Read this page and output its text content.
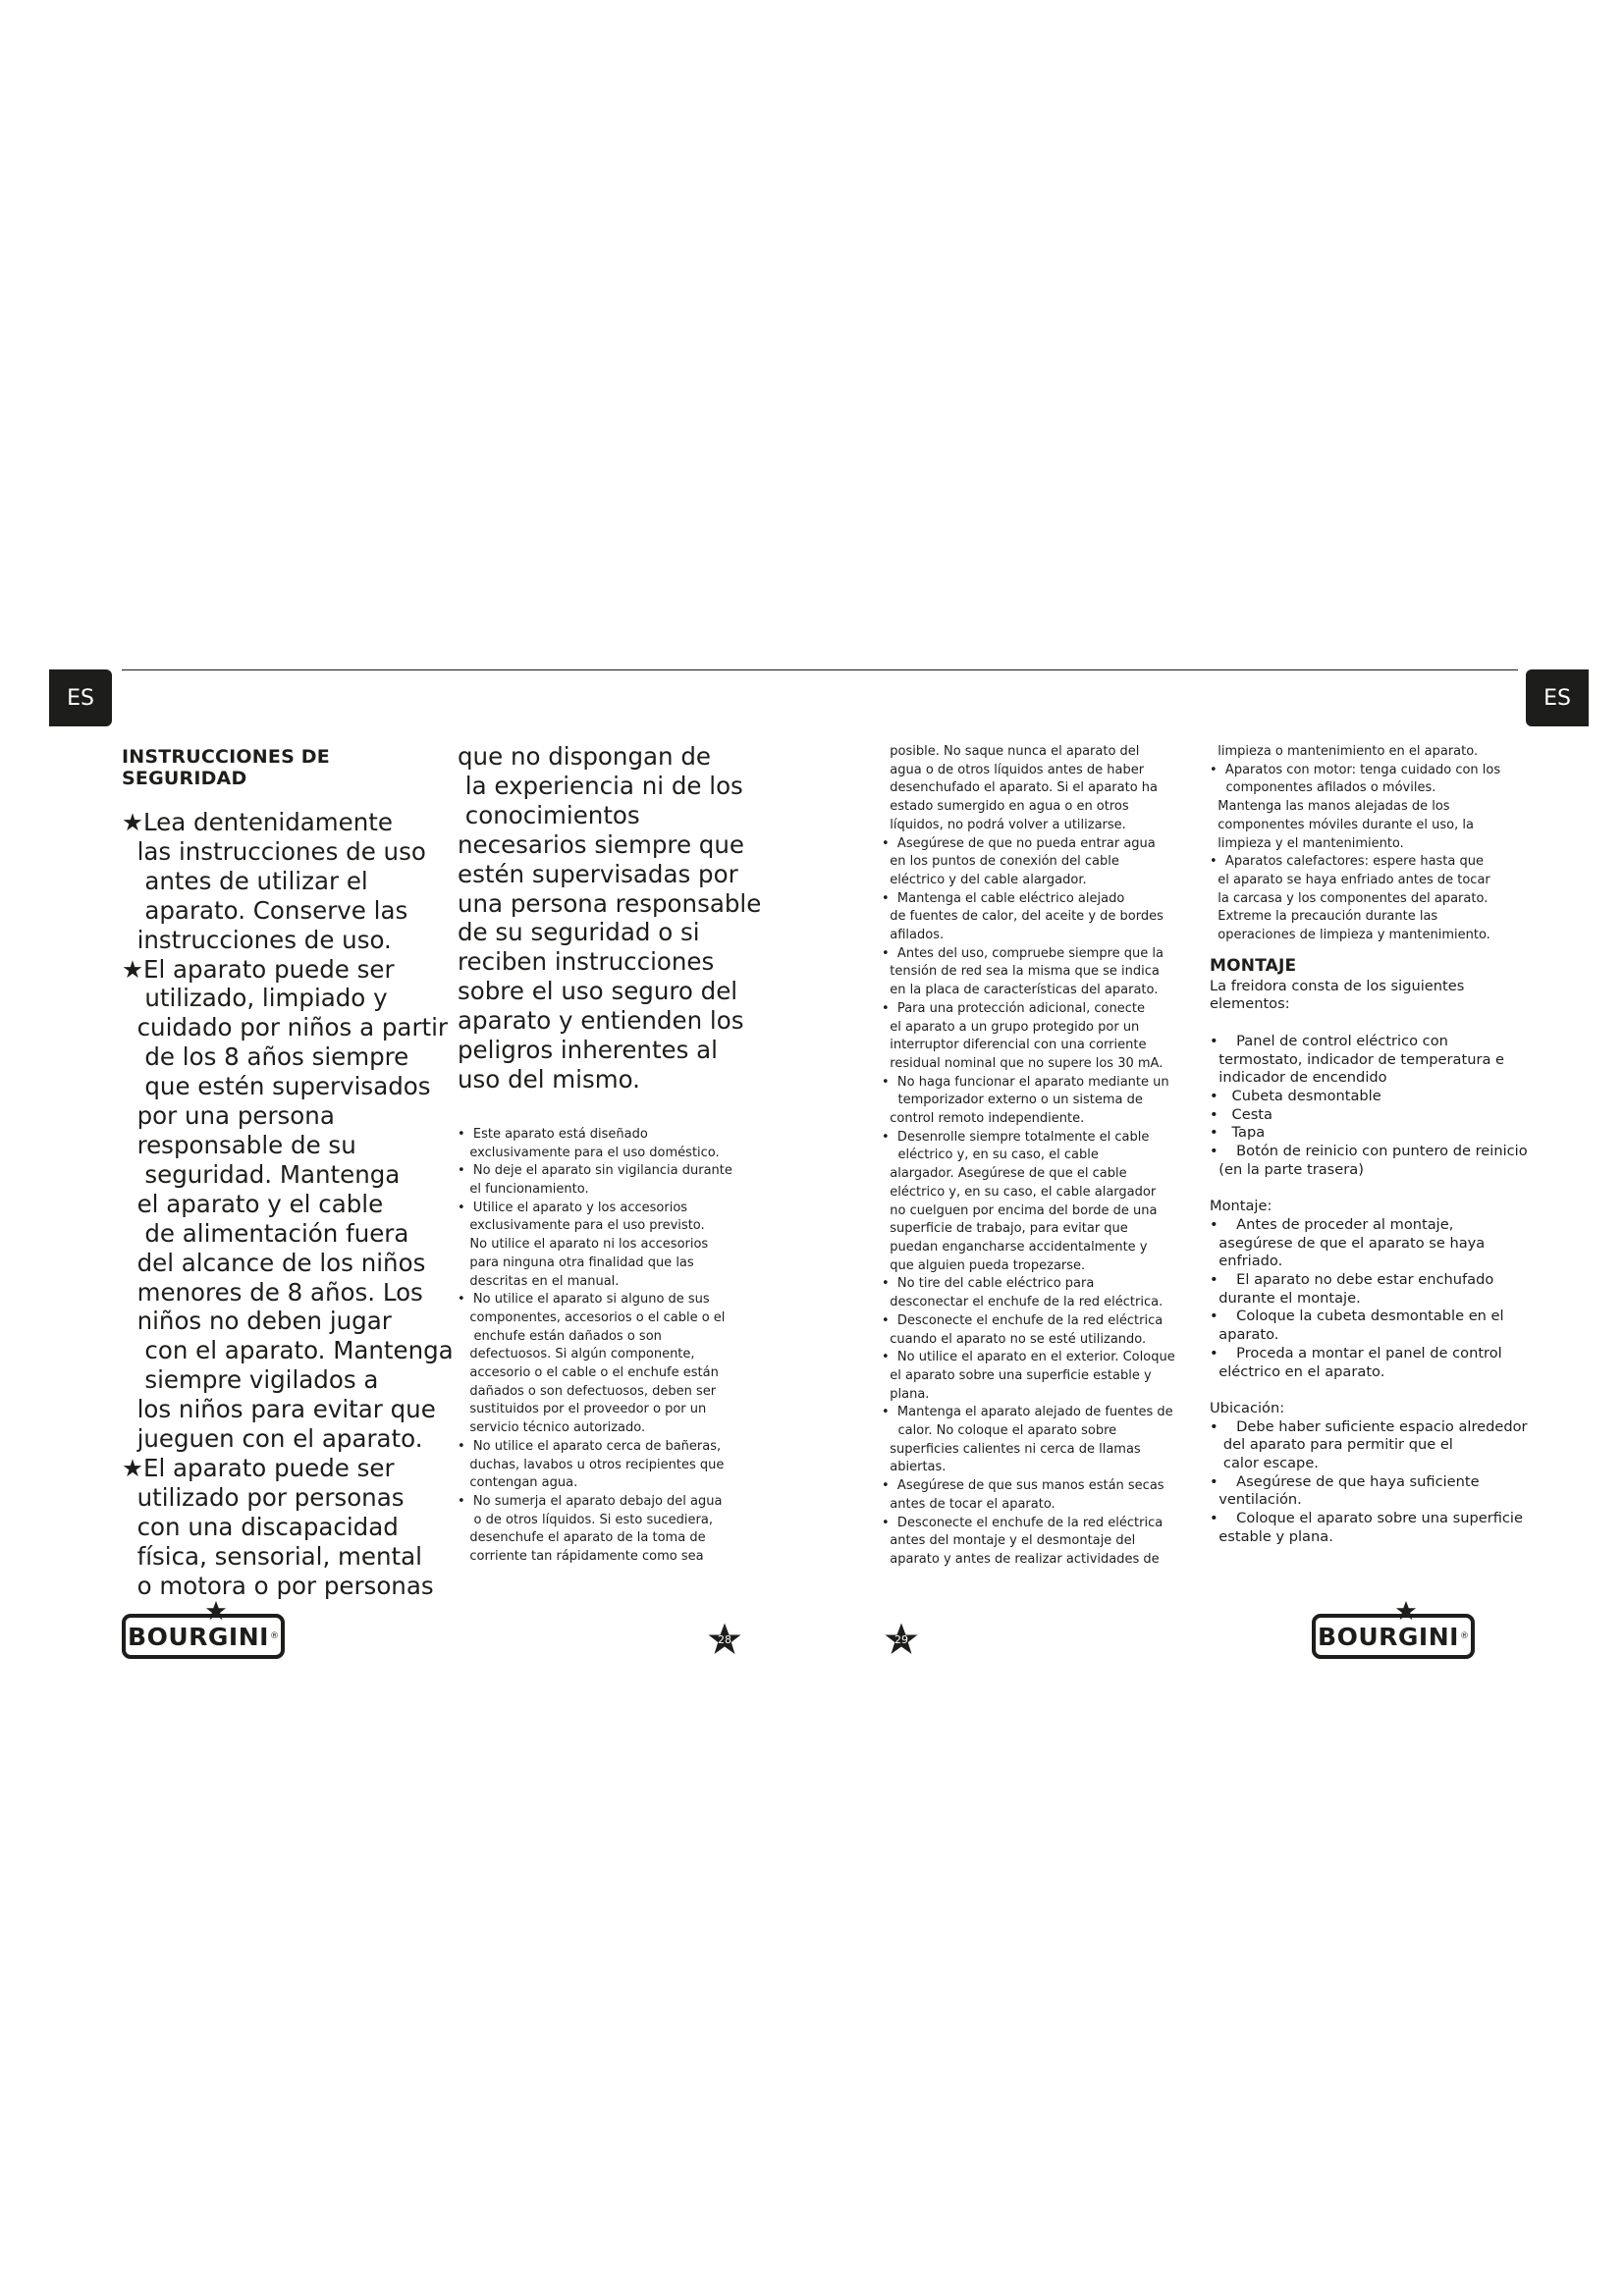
ES	ES
INSTRUCCIONES DE SEGURIDAD
★Lea dentenidamente
las instrucciones de uso
antes de utilizar el
aparato. Conserve las
instrucciones de uso.
★El aparato puede ser
utilizado, limpiado y
cuidado por niños a partir
de los 8 años siempre
que estén supervisados
por una persona
responsable de su
seguridad. Mantenga
el aparato y el cable
de alimentación fuera
del alcance de los niños
menores de 8 años. Los
niños no deben jugar
con el aparato. Mantenga
siempre vigilados a
los niños para evitar que
jueguen con el aparato.
★El aparato puede ser
utilizado por personas
con una discapacidad
física, sensorial, mental
o motora o por personas
que no dispongan de
la experiencia ni de los
conocimientos
necesarios siempre que
estén supervisadas por
una persona responsable
de su seguridad o si
reciben instrucciones
sobre el uso seguro del
aparato y entienden los
peligros inherentes al
uso del mismo.
•  Este aparato está diseñado
exclusivamente para el uso doméstico.
•  No deje el aparato sin vigilancia durante
el funcionamiento.
•  Utilice el aparato y los accesorios
exclusivamente para el uso previsto.
No utilice el aparato ni los accesorios
para ninguna otra finalidad que las
descritas en el manual.
•  No utilice el aparato si alguno de sus
componentes, accesorios o el cable o el
enchufe están dañados o son
defectuosos. Si algún componente,
accesorio o el cable o el enchufe están
dañados o son defectuosos, deben ser
sustituidos por el proveedor o por un
servicio técnico autorizado.
•  No utilice el aparato cerca de bañeras,
duchas, lavabos u otros recipientes que
contengan agua.
•  No sumerja el aparato debajo del agua
o de otros líquidos. Si esto sucediera,
desenchufe el aparato de la toma de
corriente tan rápidamente como sea
posible. No saque nunca el aparato del
agua o de otros líquidos antes de haber
desenchufado el aparato. Si el aparato ha
estado sumergido en agua o en otros
líquidos, no podrá volver a utilizarse.
•  Asegúrese de que no pueda entrar agua
en los puntos de conexión del cable
eléctrico y del cable alargador.
•  Mantenga el cable eléctrico alejado
de fuentes de calor, del aceite y de bordes
afilados.
•  Antes del uso, compruebe siempre que la
tensión de red sea la misma que se indica
en la placa de características del aparato.
•  Para una protección adicional, conecte
el aparato a un grupo protegido por un
interruptor diferencial con una corriente
residual nominal que no supere los 30 mA.
•  No haga funcionar el aparato mediante un
temporizador externo o un sistema de
control remoto independiente.
•  Desenrolle siempre totalmente el cable
eléctrico y, en su caso, el cable
alargador. Asegúrese de que el cable
eléctrico y, en su caso, el cable alargador
no cuelguen por encima del borde de una
superficie de trabajo, para evitar que
puedan engancharse accidentalmente y
que alguien pueda tropezarse.
•  No tire del cable eléctrico para
desconectar el enchufe de la red eléctrica.
•  Desconecte el enchufe de la red eléctrica
cuando el aparato no se esté utilizando.
•  No utilice el aparato en el exterior. Coloque
el aparato sobre una superficie estable y
plana.
•  Mantenga el aparato alejado de fuentes de
calor. No coloque el aparato sobre
superficies calientes ni cerca de llamas
abiertas.
•  Asegúrese de que sus manos están secas
antes de tocar el aparato.
•  Desconecte el enchufe de la red eléctrica
antes del montaje y el desmontaje del
aparato y antes de realizar actividades de
limpieza o mantenimiento en el aparato.
•  Aparatos con motor: tenga cuidado con los
componentes afilados o móviles.
Mantenga las manos alejadas de los
componentes móviles durante el uso, la
limpieza y el mantenimiento.
•  Aparatos calefactores: espere hasta que
el aparato se haya enfriado antes de tocar
la carcasa y los componentes del aparato.
Extreme la precaución durante las
operaciones de limpieza y mantenimiento.
MONTAJE
La freidora consta de los siguientes
elementos:

•    Panel de control eléctrico con
termostato, indicador de temperatura e
indicador de encendido
•   Cubeta desmontable
•   Cesta
•   Tapa
•    Botón de reinicio con puntero de reinicio
(en la parte trasera)

Montaje:
•    Antes de proceder al montaje,
asegúrese de que el aparato se haya
enfriado.
•    El aparato no debe estar enchufado
durante el montaje.
•    Coloque la cubeta desmontable en el
aparato.
•    Proceda a montar el panel de control
eléctrico en el aparato.

Ubicación:
•    Debe haber suficiente espacio alrededor
del aparato para permitir que el
calor escape.
•    Asegúrese de que haya suficiente
ventilación.
•    Coloque el aparato sobre una superficie
estable y plana.
BOURGINI ®	28	29	BOURGINI ®
